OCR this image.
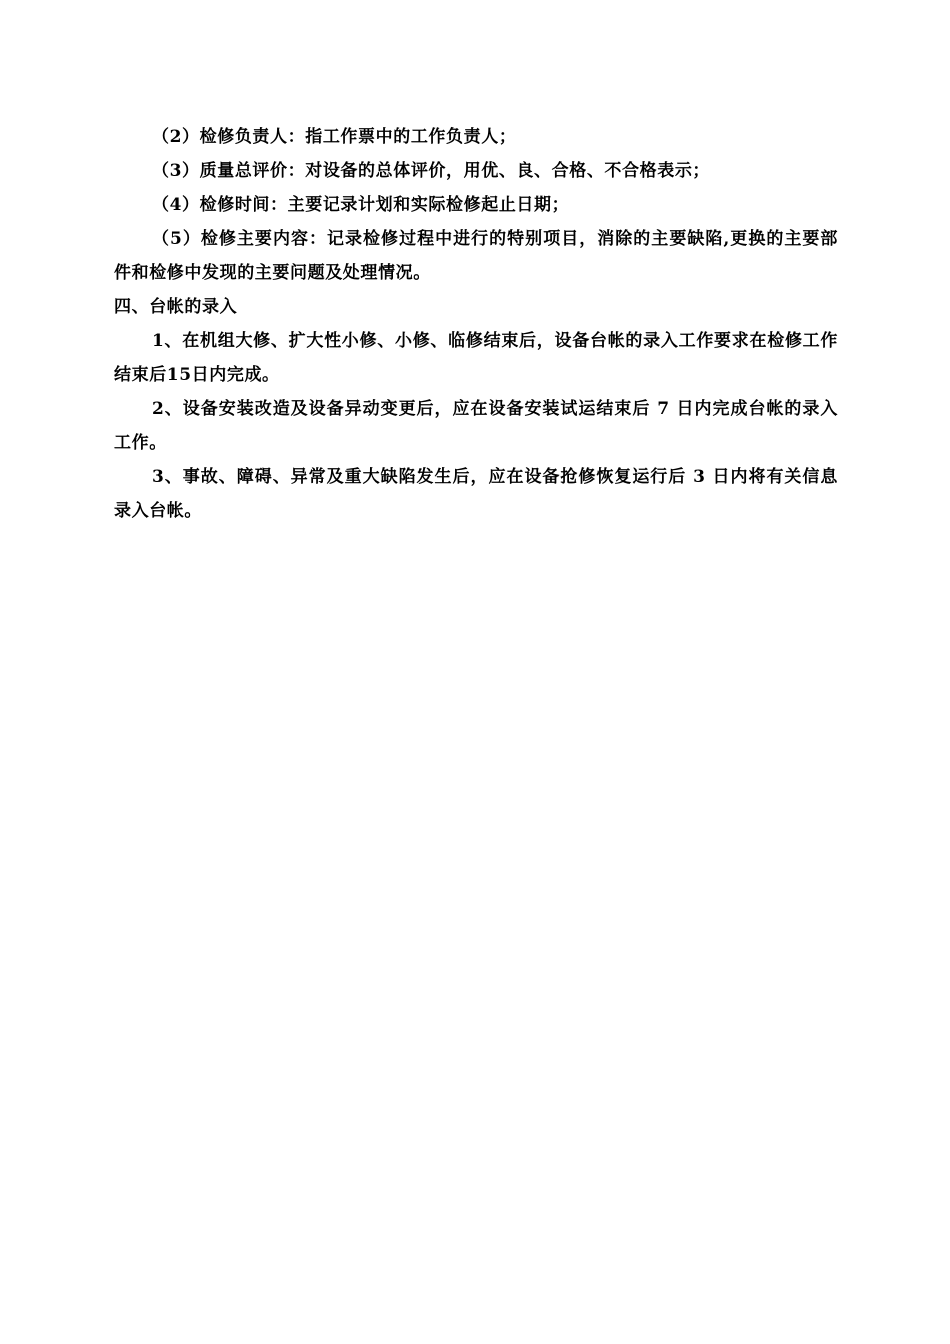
（2）检修负责人：指工作票中的工作负责人；

（3）质量总评价：对设备的总体评价，用优、良、合格、不合格表示；

（4）检修时间：主要记录计划和实际检修起止日期；

（5）检修主要内容：记录检修过程中进行的特别项目，消除的主要缺陷,更换的主要部件和检修中发现的主要问题及处理情况。

四、台帐的录入

1、在机组大修、扩大性小修、小修、临修结束后，设备台帐的录入工作要求在检修工作结束后15日内完成。

2、设备安装改造及设备异动变更后，应在设备安装试运结束后 7 日内完成台帐的录入工作。

3、事故、障碍、异常及重大缺陷发生后，应在设备抢修恢复运行后 3 日内将有关信息录入台帐。
